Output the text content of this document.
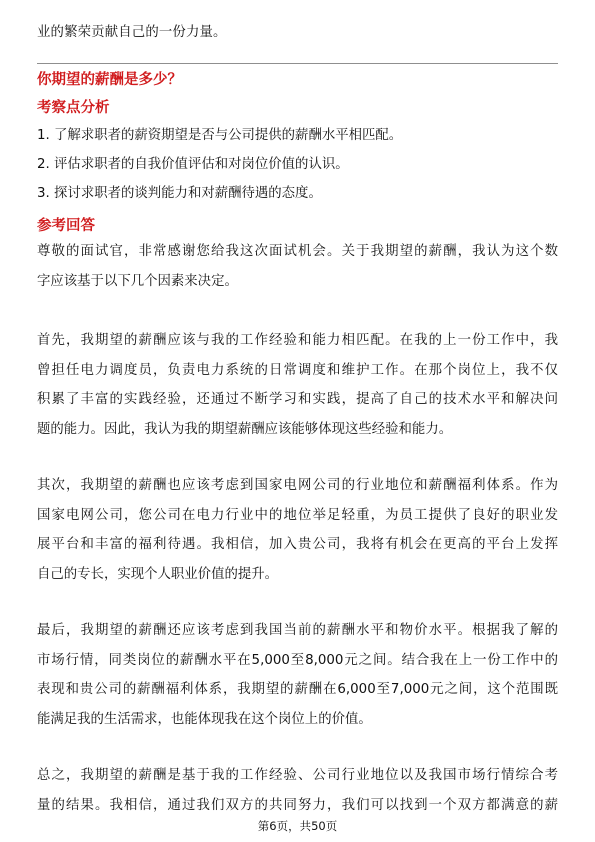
业的繁荣贡献自己的一份力量。
你期望的薪酬是多少？
考察点分析
1. 了解求职者的薪资期望是否与公司提供的薪酬水平相匹配。
2. 评估求职者的自我价值评估和对岗位价值的认识。
3. 探讨求职者的谈判能力和对薪酬待遇的态度。
参考回答
尊敬的面试官，非常感谢您给我这次面试机会。关于我期望的薪酬，我认为这个数
字应该基于以下几个因素来决定。
首先，我期望的薪酬应该与我的工作经验和能力相匹配。在我的上一份工作中，我
曾担任电力调度员，负责电力系统的日常调度和维护工作。在那个岗位上，我不仅
积累了丰富的实践经验，还通过不断学习和实践，提高了自己的技术水平和解决问
题的能力。因此，我认为我的期望薪酬应该能够体现这些经验和能力。
其次，我期望的薪酬也应该考虑到国家电网公司的行业地位和薪酬福利体系。作为
国家电网公司，您公司在电力行业中的地位举足轻重，为员工提供了良好的职业发
展平台和丰富的福利待遇。我相信，加入贵公司，我将有机会在更高的平台上发挥
自己的专长，实现个人职业价值的提升。
最后，我期望的薪酬还应该考虑到我国当前的薪酬水平和物价水平。根据我了解的
市场行情，同类岗位的薪酬水平在5,000至8,000元之间。结合我在上一份工作中的
表现和贵公司的薪酬福利体系，我期望的薪酬在6,000至7,000元之间，这个范围既
能满足我的生活需求，也能体现我在这个岗位上的价值。
总之，我期望的薪酬是基于我的工作经验、公司行业地位以及我国市场行情综合考
量的结果。我相信，通过我们双方的共同努力，我们可以找到一个双方都满意的薪
第6页，共50页
